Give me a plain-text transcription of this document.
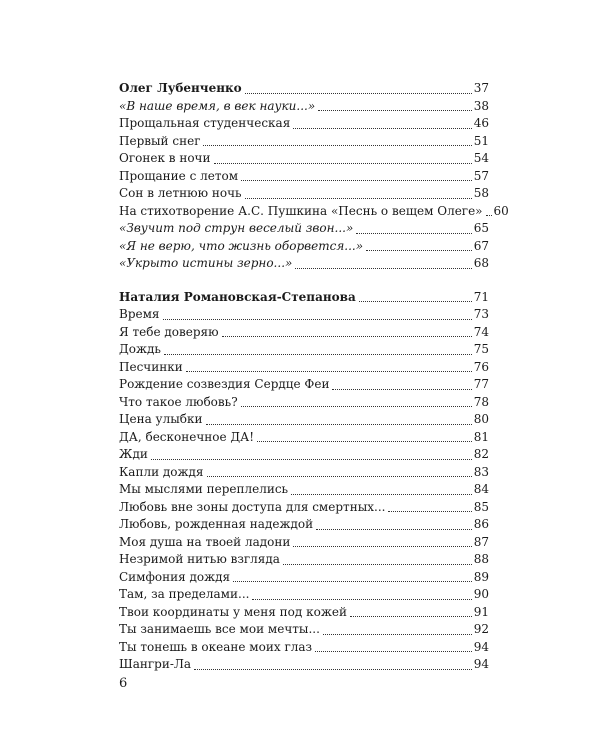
Олег Лубенченко	37
«В наше время, в век науки...»	38
Прощальная студенческая	46
Первый снег	51
Огонек в ночи	54
Прощание с летом	57
Сон в летнюю ночь	58
На стихотворение А.С. Пушкина «Песнь о вещем Олеге» 60
«Звучит под струн веселый звон...»	65
«Я не верю, что жизнь оборвется...»	67
«Укрыто истины зерно...»	68
Наталия Романовская-Степанова	71
Время	73
Я тебе доверяю	74
Дождь	75
Песчинки	76
Рождение созвездия Сердце Феи	77
Что такое любовь?	78
Цена улыбки	80
ДА, бесконечное ДА!	81
Жди	82
Капли дождя	83
Мы мыслями переплелись	84
Любовь вне зоны доступа для смертных...	85
Любовь, рожденная надеждой	86
Моя душа на твоей ладони	87
Незримой нитью взгляда	88
Симфония дождя	89
Там, за пределами...	90
Твои координаты у меня под кожей	91
Ты занимаешь все мои мечты...	92
Ты тонешь в океане моих глаз	94
Шангри-Ла	94
6
